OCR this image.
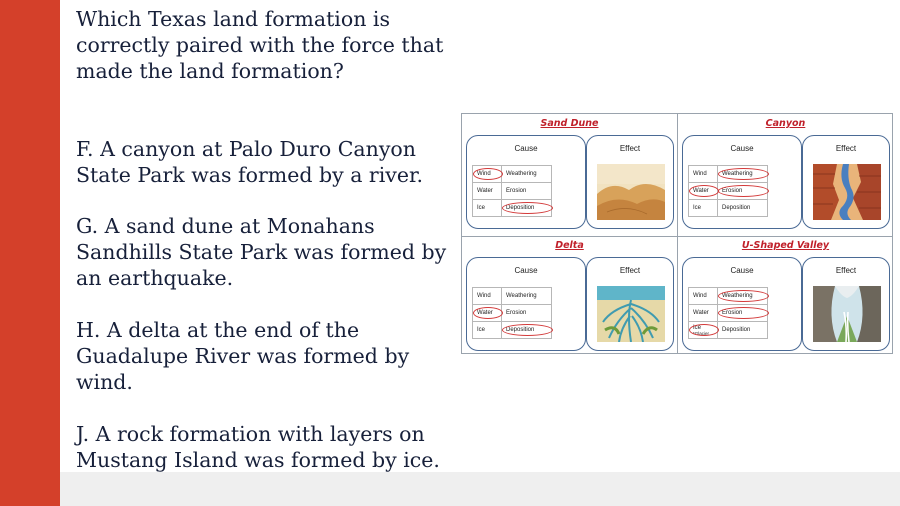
Which Texas land formation is correctly paired with the force that made the land formation?

F. A canyon at Palo Duro Canyon State Park was formed by a river.

G. A sand dune at Monahans Sandhills State Park was formed by an earthquake.

H. A delta at the end of the Guadalupe River was formed by wind.

J. A rock formation with layers on Mustang Island was formed by ice.

Sand Dune
Cause
Wind	Weathering
Water	Erosion
Ice	Deposition
Effect
Canyon
Cause
Wind	Weathering
Water	Erosion
Ice	Deposition
Effect
Delta
Cause
Wind	Weathering
Water	Erosion
Ice	Deposition
Effect
U-Shaped Valley
Cause
Wind	Weathering
Water	Erosion
Ice
*Glacier	Deposition
Effect
